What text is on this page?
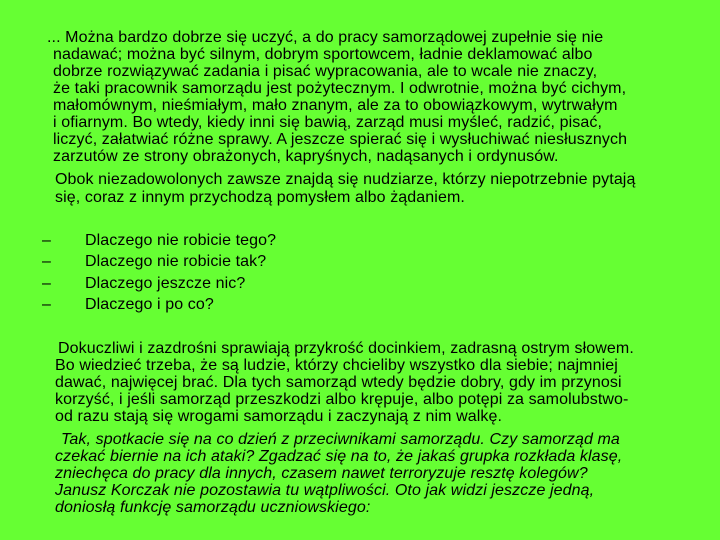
... Można bardzo dobrze się uczyć, a do pracy samorządowej zupełnie się nie
nadawać; można być silnym, dobrym sportowcem, ładnie deklamować albo
dobrze rozwiązywać zadania i pisać wypracowania, ale to wcale nie znaczy,
że taki pracownik samorządu jest pożytecznym. I odwrotnie, można być cichym,
małomównym, nieśmiałym, mało znanym, ale za to obowiązkowym, wytrwałym
i ofiarnym. Bo wtedy, kiedy inni się bawią, zarząd musi myśleć, radzić, pisać,
liczyć, załatwiać różne sprawy. A jeszcze spierać się i wysłuchiwać niesłusznych
zarzutów ze strony obrażonych, kapryśnych, nadąsanych i ordynusów.
Obok niezadowolonych zawsze znajdą się nudziarze, którzy niepotrzebnie pytają
się, coraz z innym przychodzą pomysłem albo żądaniem.
– Dlaczego nie robicie tego?
– Dlaczego nie robicie tak?
– Dlaczego jeszcze nic?
– Dlaczego i po co?
Dokuczliwi i zazdrośni sprawiają przykrość docinkiem, zadrasną ostrym słowem.
Bo wiedzieć trzeba, że są ludzie, którzy chcieliby wszystko dla siebie; najmniej
dawać, najwięcej brać. Dla tych samorząd wtedy będzie dobry, gdy im przynosi
korzyść, i jeśli samorząd przeszkodzi albo krępuje, albo potępi za samolubstwo-
od razu stają się wrogami samorządu i zaczynają z nim walkę.
Tak, spotkacie się na co dzień z przeciwnikami samorządu. Czy samorząd ma
czekać biernie na ich ataki? Zgadzać się na to, że jakaś grupka rozkłada klasę,
zniechęca do pracy dla innych, czasem nawet terroryzuje resztę kolegów?
Janusz Korczak nie pozostawia tu wątpliwości. Oto jak widzi jeszcze jedną,
doniosłą funkcję samorządu uczniowskiego:
